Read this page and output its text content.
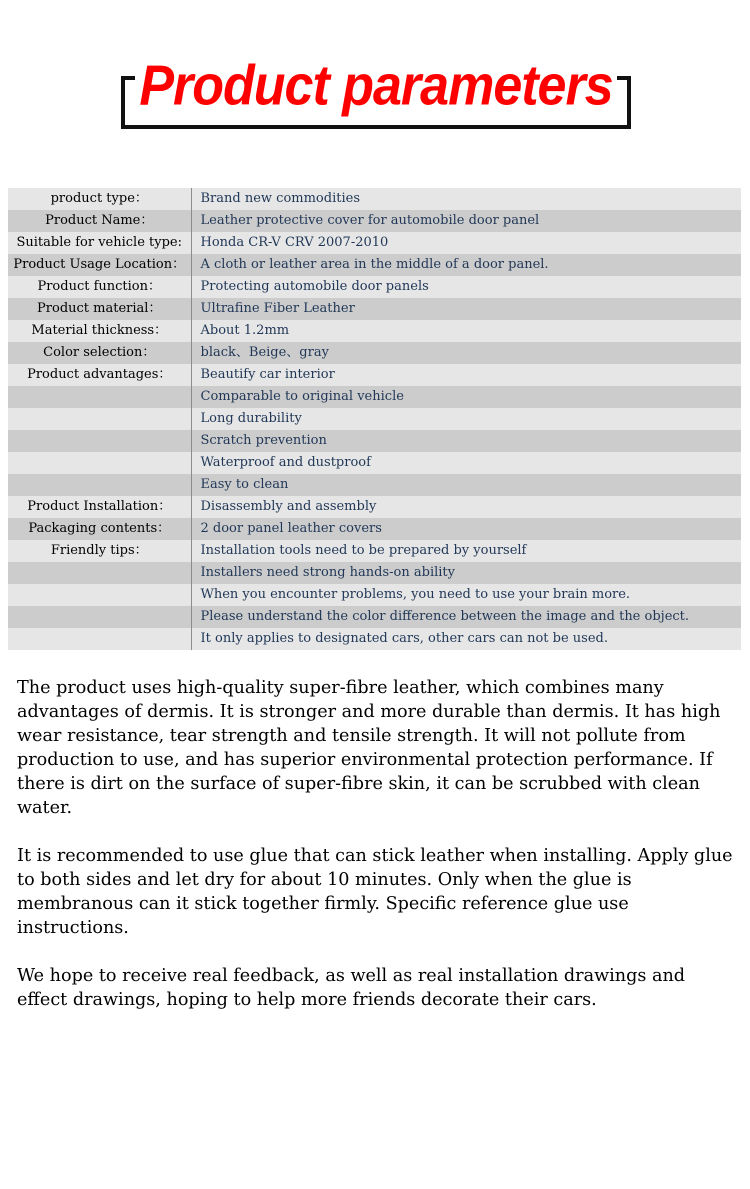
Product parameters
product type：	Brand new commodities
Product Name：	Leather protective cover for automobile door panel
Suitable for vehicle type:	Honda CR-V CRV 2007-2010
Product Usage Location：	A cloth or leather area in the middle of a door panel.
Product function：	Protecting automobile door panels
Product material：	Ultrafine Fiber Leather
Material thickness：	About 1.2mm
Color selection：	black、Beige、gray
Product advantages：	Beautify car interior
	Comparable to original vehicle
	Long durability
	Scratch prevention
	Waterproof and dustproof
	Easy to clean
Product Installation：	Disassembly and assembly
Packaging contents：	2 door panel leather covers
Friendly tips：	Installation tools need to be prepared by yourself
	Installers need strong hands-on ability
	When you encounter problems, you need to use your brain more.
	Please understand the color difference between the image and the object.
	It only applies to designated cars, other cars can not be used.

The product uses high-quality super-fibre leather, which combines many advantages of dermis. It is stronger and more durable than dermis. It has high wear resistance, tear strength and tensile strength. It will not pollute from production to use, and has superior environmental protection performance. If there is dirt on the surface of super-fibre skin, it can be scrubbed with clean water.

It is recommended to use glue that can stick leather when installing. Apply glue to both sides and let dry for about 10 minutes. Only when the glue is membranous can it stick together firmly. Specific reference glue use instructions.

We hope to receive real feedback, as well as real installation drawings and effect drawings, hoping to help more friends decorate their cars.
